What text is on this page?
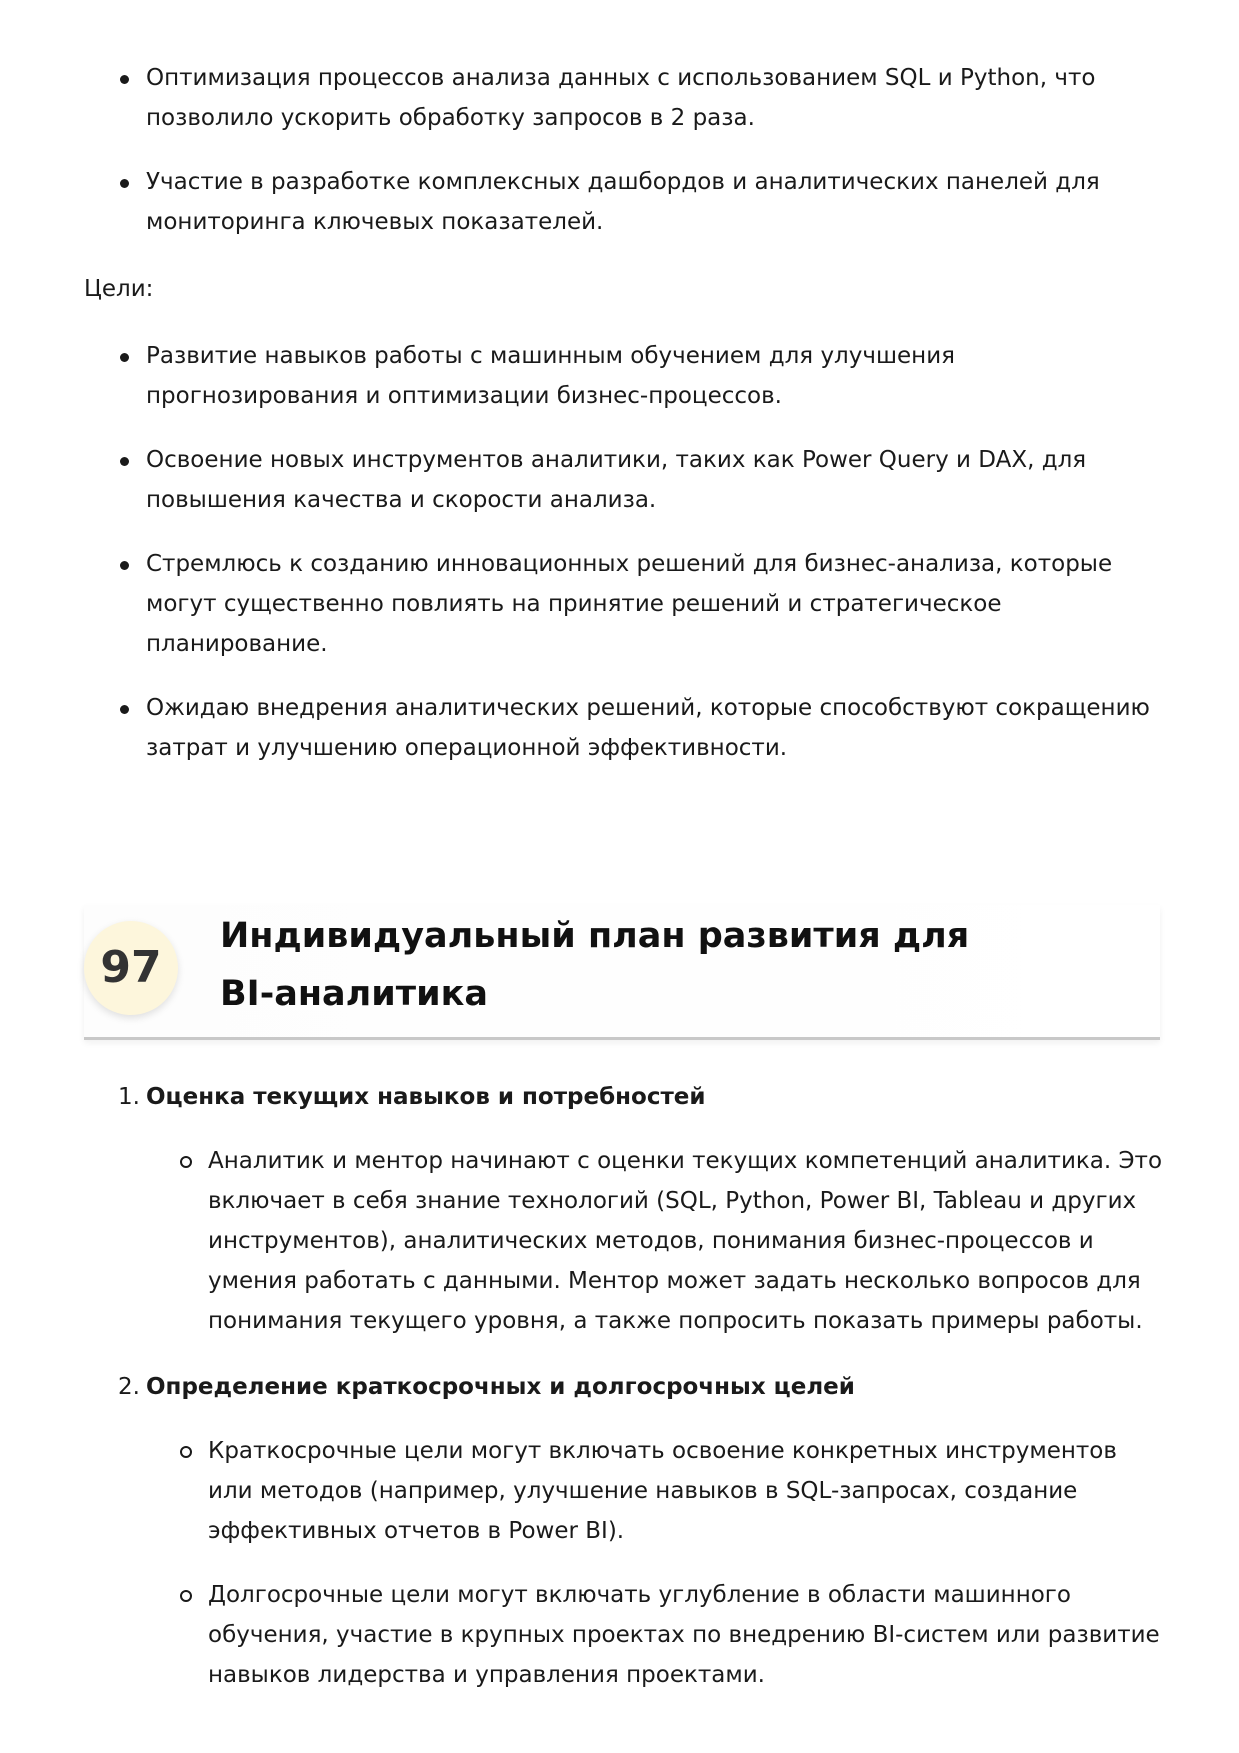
Оптимизация процессов анализа данных с использованием SQL и Python, что позволило ускорить обработку запросов в 2 раза.
Участие в разработке комплексных дашбордов и аналитических панелей для мониторинга ключевых показателей.
Цели:
Развитие навыков работы с машинным обучением для улучшения прогнозирования и оптимизации бизнес-процессов.
Освоение новых инструментов аналитики, таких как Power Query и DAX, для повышения качества и скорости анализа.
Стремлюсь к созданию инновационных решений для бизнес-анализа, которые могут существенно повлиять на принятие решений и стратегическое планирование.
Ожидаю внедрения аналитических решений, которые способствуют сокращению затрат и улучшению операционной эффективности.
97
Индивидуальный план развития для BI-аналитика
1. Оценка текущих навыков и потребностей
Аналитик и ментор начинают с оценки текущих компетенций аналитика. Это включает в себя знание технологий (SQL, Python, Power BI, Tableau и других инструментов), аналитических методов, понимания бизнес-процессов и умения работать с данными. Ментор может задать несколько вопросов для понимания текущего уровня, а также попросить показать примеры работы.
2. Определение краткосрочных и долгосрочных целей
Краткосрочные цели могут включать освоение конкретных инструментов или методов (например, улучшение навыков в SQL-запросах, создание эффективных отчетов в Power BI).
Долгосрочные цели могут включать углубление в области машинного обучения, участие в крупных проектах по внедрению BI-систем или развитие навыков лидерства и управления проектами.
